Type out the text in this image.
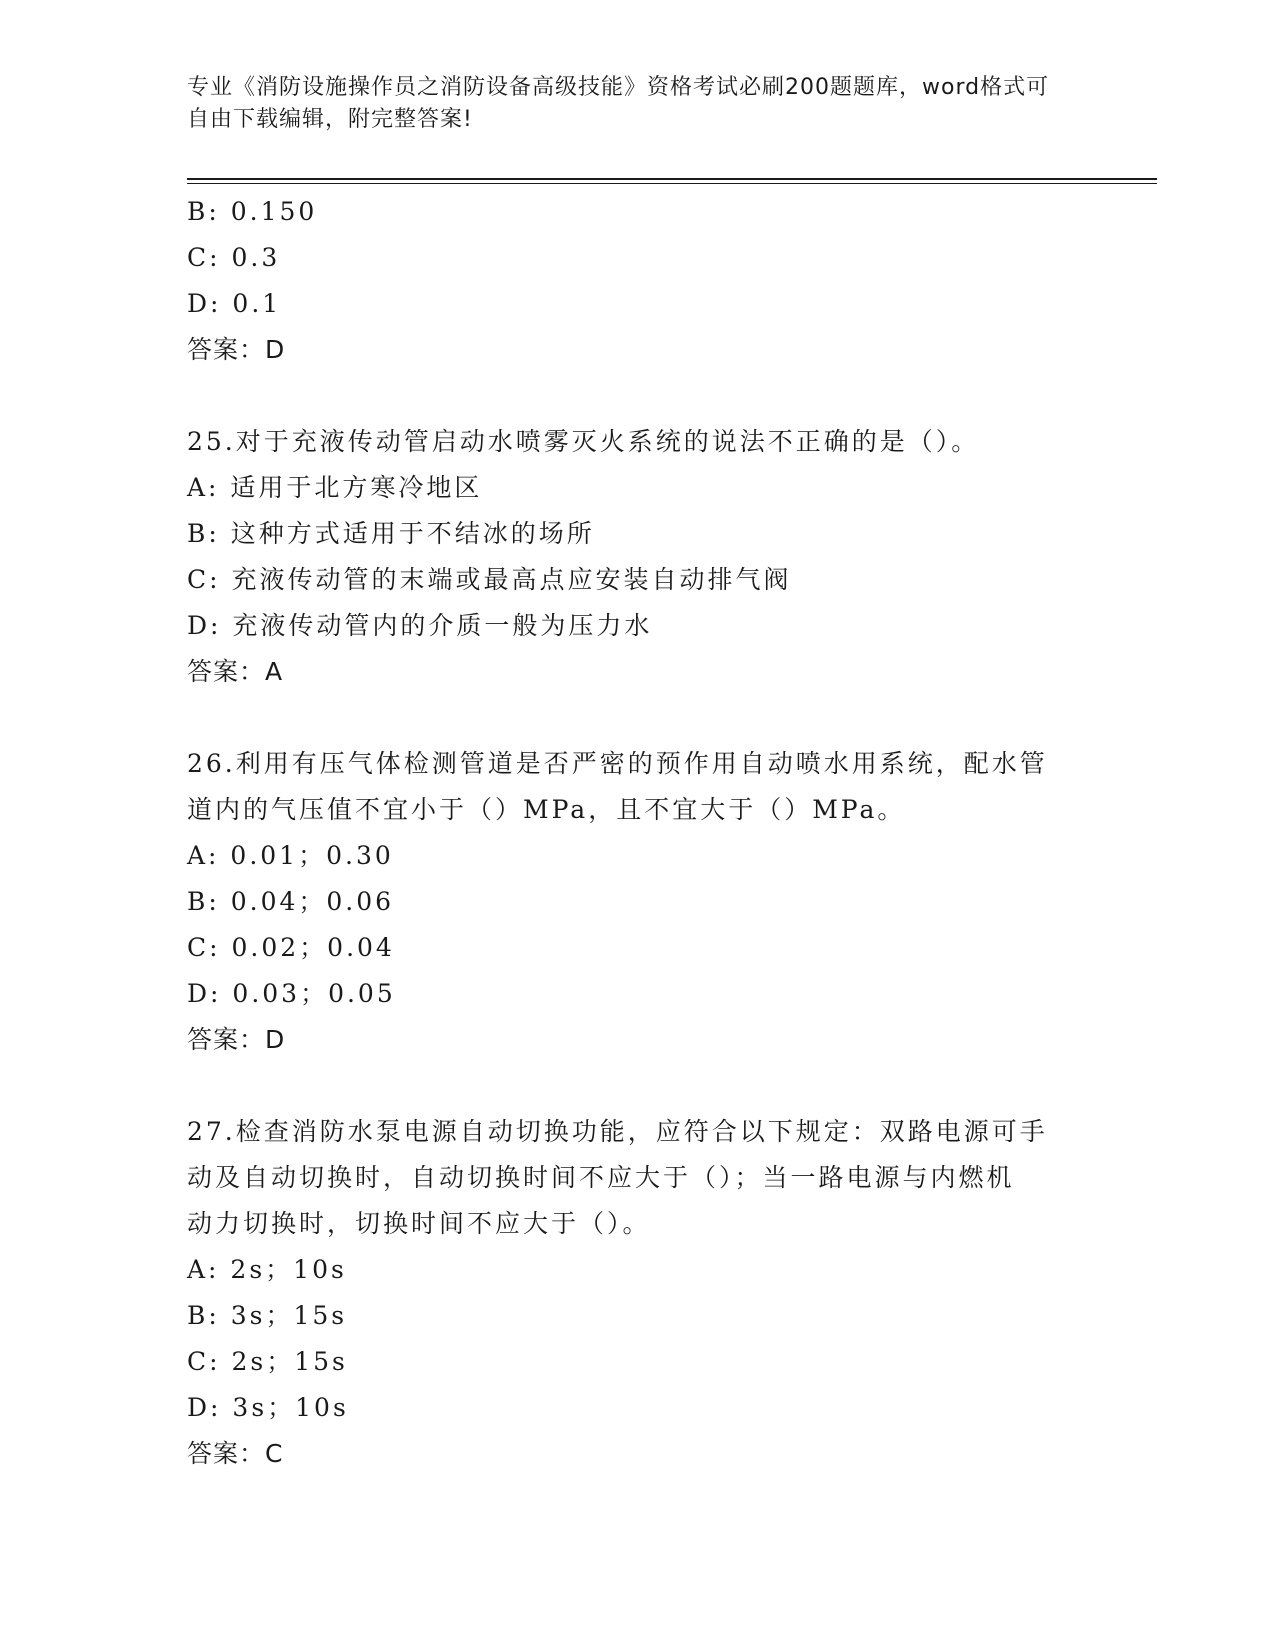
专业《消防设施操作员之消防设备高级技能》资格考试必刷200题题库，word格式可自由下载编辑，附完整答案!
B: 0.150
C: 0.3
D: 0.1
答案：D
25.对于充液传动管启动水喷雾灭火系统的说法不正确的是（）。
A: 适用于北方寒冷地区
B: 这种方式适用于不结冰的场所
C: 充液传动管的末端或最高点应安装自动排气阀
D: 充液传动管内的介质一般为压力水
答案：A
26.利用有压气体检测管道是否严密的预作用自动喷水用系统，配水管
道内的气压值不宜小于（）MPa，且不宜大于（）MPa。
A: 0.01；0.30
B: 0.04；0.06
C: 0.02；0.04
D: 0.03；0.05
答案：D
27.检查消防水泵电源自动切换功能，应符合以下规定：双路电源可手
动及自动切换时，自动切换时间不应大于（）；当一路电源与内燃机
动力切换时，切换时间不应大于（）。
A: 2s；10s
B: 3s；15s
C: 2s；15s
D: 3s；10s
答案：C
